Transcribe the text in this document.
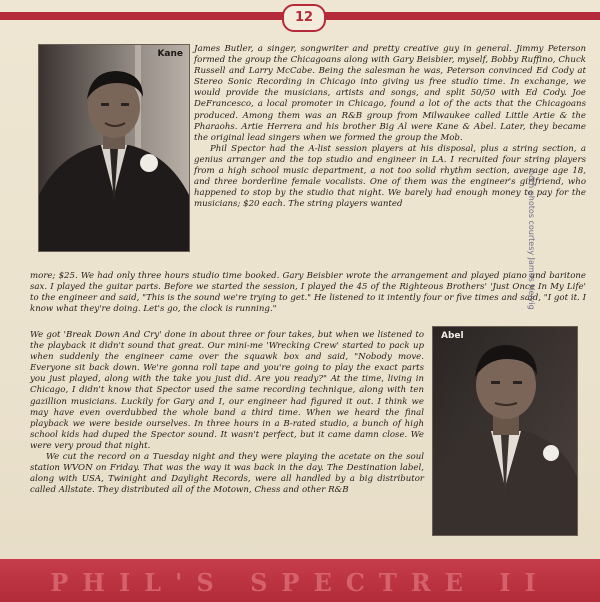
12
Kane James Butler, a singer, songwriter and pretty creative guy in general. Jimmy Peterson formed the group the Chicagoans along with Gary Beisbier, myself, Bobby Ruffino, Chuck Russell and Larry McCabe. Being the salesman he was, Peterson convinced Ed Cody at Stereo Sonic Recording in Chicago into giving us free studio time. In exchange, we would provide the musicians, artists and songs, and split 50/50 with Ed Cody. Joe DeFrancesco, a local promoter in Chicago, found a lot of the acts that the Chicagoans produced. Among them was an R&B group from Milwaukee called Little Artie & the Pharaohs. Artie Herrera and his brother Big Al were Kane & Abel. Later, they became the original lead singers when we formed the group the Mob.

Phil Spector had the A-list session players at his disposal, plus a string section, a genius arranger and the top studio and engineer in LA. I recruited four string players from a high school music department, a not too solid rhythm section, average age 18, and three borderline female vocalists. One of them was the engineer's girlfriend, who happened to stop by the studio that night. We barely had enough money to pay for the musicians; $20 each. The string players wanted

more; $25. We had only three hours studio time booked. Gary Beisbier wrote the arrangement and played piano and baritone sax. I played the guitar parts. Before we started the session, I played the 45 of the Righteous Brothers' 'Just Once In My Life' to the engineer and said, "This is the sound we're trying to get." He listened to it intently four or five times and said, "I got it. I know what they're doing. Let's go, the clock is running."

We got 'Break Down And Cry' done in about three or four takes, but when we listened to the playback it didn't sound that great. Our mini-me 'Wrecking Crew' started to pack up when suddenly the engineer came over the squawk box and said, "Nobody move. Everyone sit back down. We're gonna roll tape and you're going to play the exact parts you just played, along with the take you just did. Are you ready?" At the time, living in Chicago, I didn't know that Spector used the same recording technique, along with ten gazillion musicians. Luckily for Gary and I, our engineer had figured it out. I think we may have even overdubbed the whole band a third time. When we heard the final playback we were beside ourselves. In three hours in a B-rated studio, a bunch of high school kids had duped the Spector sound. It wasn't perfect, but it came damn close. We were very proud that night.

We cut the record on a Tuesday night and they were playing the acetate on the soul station WVON on Friday. That was the way it was back in the day. The Destination label, along with USA, Twinight and Daylight Records, were all handled by a big distributor called Allstate. They distributed all of the Motown, Chess and other R&B

Abel
both photos courtesy James Helvig
PHIL'S SPECTRE II
